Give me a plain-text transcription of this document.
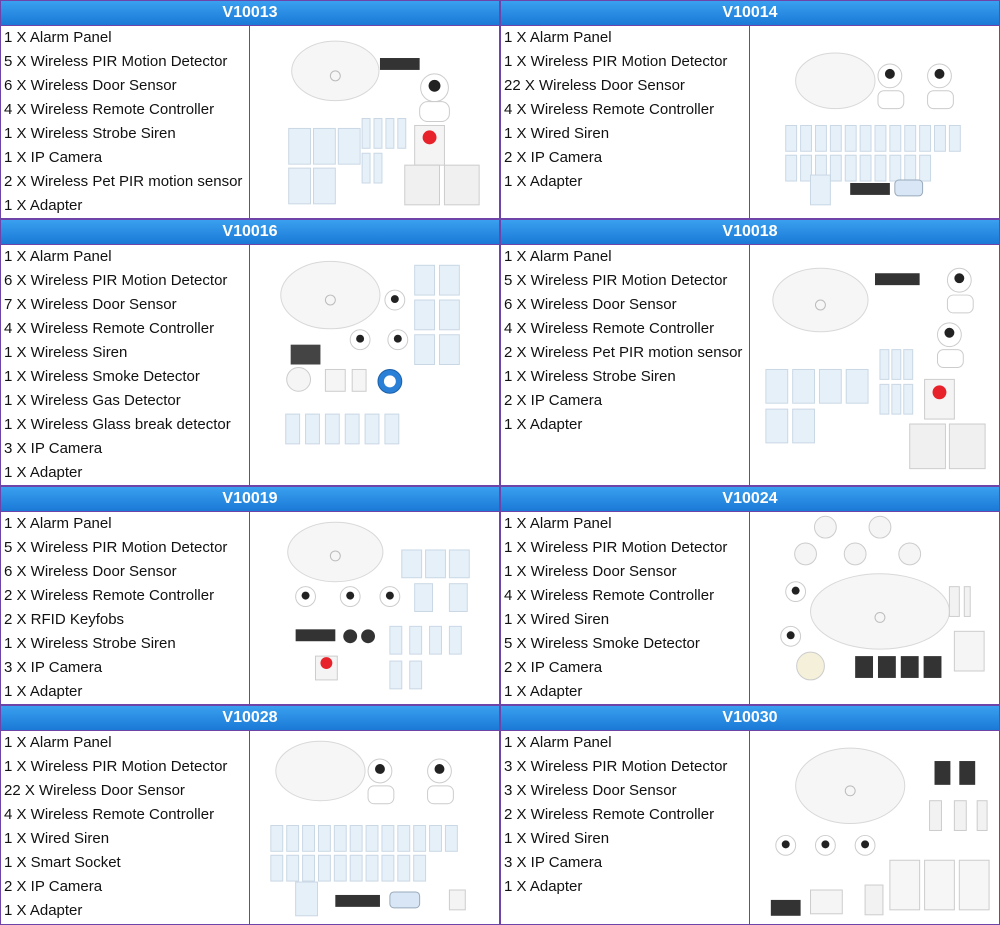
V10013
1 X Alarm Panel
5 X Wireless PIR Motion Detector
6 X Wireless Door Sensor
4 X Wireless Remote Controller
1 X Wireless Strobe Siren
1 X IP Camera
2 X Wireless Pet PIR motion sensor
1 X Adapter
V10016
1 X Alarm Panel
6 X Wireless PIR Motion Detector
7 X Wireless Door Sensor
4 X Wireless Remote Controller
1 X Wireless Siren
1 X Wireless Smoke Detector
1 X Wireless Gas Detector
1 X Wireless Glass break detector
3 X IP Camera
1 X Adapter
V10019
1 X Alarm Panel
5 X Wireless PIR Motion Detector
6 X Wireless Door Sensor
2 X Wireless Remote Controller
2 X RFID Keyfobs
1 X Wireless Strobe Siren
3 X IP Camera
1 X Adapter
V10028
1 X Alarm Panel
1 X Wireless PIR Motion Detector
22 X Wireless Door Sensor
4 X Wireless Remote Controller
1 X Wired Siren
1 X Smart Socket
2 X IP Camera
1 X Adapter
V10014
1 X Alarm Panel
1 X Wireless PIR Motion Detector
22 X Wireless Door Sensor
4 X Wireless Remote Controller
1 X Wired Siren
2 X IP Camera
1 X Adapter
V10018
1 X Alarm Panel
5 X Wireless PIR Motion Detector
6 X Wireless Door Sensor
4 X Wireless Remote Controller
2 X Wireless Pet PIR motion sensor
1 X Wireless Strobe Siren
2 X IP Camera
1 X Adapter
V10024
1 X Alarm Panel
1 X Wireless PIR Motion Detector
1 X Wireless Door Sensor
4 X Wireless Remote Controller
1 X Wired Siren
5 X Wireless Smoke Detector
2 X IP Camera
1 X Adapter
V10030
1 X Alarm Panel
3 X Wireless PIR Motion Detector
3 X Wireless Door Sensor
2 X Wireless Remote Controller
1 X Wired Siren
3 X IP Camera
1 X Adapter
